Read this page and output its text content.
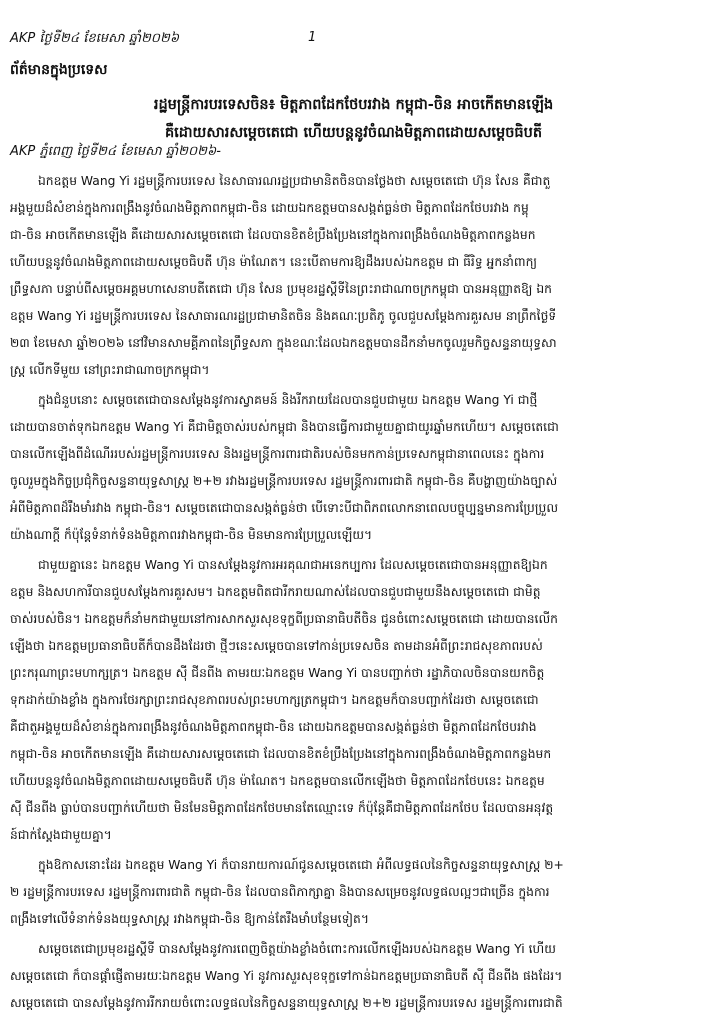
AKP ថ្ងៃទី២៤ ខែមេសា ឆ្នាំ២០២៦	1
ព័ត៌មានក្នុងប្រទេស
រដ្ឋមន្ត្រីការបរទេសចិន៖ មិត្តភាពដែកថែបរវាង កម្ពុជា-ចិន អាចកើតមានឡើង
គឺដោយសារសម្តេចតេជោ ហើយបន្តនូវចំណងមិត្តភាពដោយសម្តេចធិបតី
AKP ភ្នំពេញ ថ្ងៃទី២៤ ខែមេសា ឆ្នាំ២០២៦-
ឯកឧត្តម Wang Yi រដ្ឋមន្ត្រីការបរទេស នៃសាធារណរដ្ឋប្រជាមានិតចិនបានថ្លែងថា សម្តេចតេជោ ហ៊ុន សែន គឺជាតួ
អង្គមួយដ៏សំខាន់ក្នុងការពង្រឹងនូវចំណងមិត្តភាពកម្ពុជា-ចិន ដោយឯកឧត្តមបានសង្កត់ធ្ងន់ថា មិត្តភាពដែកថែបរវាង កម្ពុ
ជា-ចិន អាចកើតមានឡើង គឺដោយសារសម្តេចតេជោ ដែលបានខិតខំប្រឹងប្រែងនៅក្នុងការពង្រឹងចំណងមិត្តភាពកន្លងមក
ហើយបន្តនូវចំណងមិត្តភាពដោយសម្តេចធិបតី ហ៊ុន ម៉ាណែត។ នេះបើតាមការឱ្យដឹងរបស់ឯកឧត្តម ជា ធីរិទ្ធ អ្នកនាំពាក្យ
ព្រឹទ្ធសភា បន្ទាប់ពីសម្តេចអគ្គមហាសេនាបតីតេជោ ហ៊ុន សែន ប្រមុខរដ្ឋស្តីទីនៃព្រះរាជាណាចក្រកម្ពុជា បានអនុញ្ញាតឱ្យ ឯក
ឧត្តម Wang Yi រដ្ឋមន្ត្រីការបរទេស នៃសាធារណរដ្ឋប្រជាមានិតចិន និងគណៈប្រតិភូ ចូលជួបសម្តែងការគួរសម នាព្រឹកថ្ងៃទី
២៣ ខែមេសា ឆ្នាំ២០២៦ នៅវិមានសាមគ្គីភាពនៃព្រឹទ្ធសភា ក្នុងខណៈដែលឯកឧត្តមបានដឹកនាំមកចូលរួមកិច្ចសន្ទនាយុទ្ធសា
ស្ត្រ លើកទីមួយ នៅព្រះរាជាណាចក្រកម្ពុជា។
ក្នុងជំនួបនោះ សម្តេចតេជោបានសម្តែងនូវការស្វាគមន៍ និងរីករាយដែលបានជួបជាមួយ ឯកឧត្តម Wang Yi ជាថ្មី
ដោយបានចាត់ទុកឯកឧត្តម Wang Yi គឺជាមិត្តចាស់របស់កម្ពុជា និងបានធ្វើការជាមួយគ្នាជាយូរឆ្នាំមកហើយ។ សម្តេចតេជោ
បានលើកឡើងពីដំណើររបស់រដ្ឋមន្ត្រីការបរទេស និងរដ្ឋមន្ត្រីការពារជាតិរបស់ចិនមកកាន់ប្រទេសកម្ពុជានាពេលនេះ ក្នុងការ
ចូលរួមក្នុងកិច្ចប្រជុំកិច្ចសន្ទនាយុទ្ធសាស្ត្រ ២+២ រវាងរដ្ឋមន្ត្រីការបរទេស រដ្ឋមន្ត្រីការពារជាតិ កម្ពុជា-ចិន គឺបង្ហាញយ៉ាងច្បាស់
អំពីមិត្តភាពដ៏រឹងមាំរវាង កម្ពុជា-ចិន។ សម្តេចតេជោបានសង្កត់ធ្ងន់ថា បើទោះបីជាពិភពលោកនាពេលបច្ចុប្បន្នមានការប្រែប្រួល
យ៉ាងណាក្តី ក៏ប៉ុន្តែទំនាក់ទំនងមិត្តភាពរវាងកម្ពុជា-ចិន មិនមានការប្រែប្រួលឡើយ។
ជាមួយគ្នានេះ ឯកឧត្តម Wang Yi បានសម្តែងនូវការអរគុណជាអនេកប្បការ ដែលសម្តេចតេជោបានអនុញ្ញាតឱ្យឯក
ឧត្តម និងសហការីបានជួបសម្តែងការគួរសម។ ឯកឧត្តមពិតជារីករាយណាស់ដែលបានជួបជាមួយនឹងសម្តេចតេជោ ជាមិត្ត
ចាស់របស់ចិន។ ឯកឧត្តមក៏នាំមកជាមួយនៅការសាកសួរសុខទុក្ខពីប្រធានាធិបតីចិន ជូនចំពោះសម្តេចតេជោ ដោយបានលើក
ឡើងថា ឯកឧត្តមប្រធានាធិបតីក៏បានដឹងដែរថា ថ្មីៗនេះសម្តេចបានទៅកាន់ប្រទេសចិន តាមដានអំពីព្រះរាជសុខភាពរបស់
ព្រះករុណាព្រះមហាក្សត្រ។ ឯកឧត្តម ស៊ី ជីនពីង តាមរយៈឯកឧត្តម Wang Yi បានបញ្ជាក់ថា រដ្ឋាភិបាលចិនបានយកចិត្ត
ទុកដាក់យ៉ាងខ្លាំង ក្នុងការថែរក្សាព្រះរាជសុខភាពរបស់ព្រះមហាក្សត្រកម្ពុជា។ ឯកឧត្តមក៏បានបញ្ជាក់ដែរថា សម្តេចតេជោ
គឺជាតួអង្គមួយដ៏សំខាន់ក្នុងការពង្រឹងនូវចំណងមិត្តភាពកម្ពុជា-ចិន ដោយឯកឧត្តមបានសង្កត់ធ្ងន់ថា មិត្តភាពដែកថែបរវាង
កម្ពុជា-ចិន អាចកើតមានឡើង គឺដោយសារសម្តេចតេជោ ដែលបានខិតខំប្រឹងប្រែងនៅក្នុងការពង្រឹងចំណងមិត្តភាពកន្លងមក
ហើយបន្តនូវចំណងមិត្តភាពដោយសម្តេចធិបតី ហ៊ុន ម៉ាណែត។ ឯកឧត្តមបានលើកឡើងថា មិត្តភាពដែកថែបនេះ ឯកឧត្តម
ស៊ី ជីនពីង ធ្លាប់បានបញ្ជាក់ហើយថា មិនមែនមិត្តភាពដែកថែបមានតែឈ្មោះទេ ក៏ប៉ុន្តែគឺជាមិត្តភាពដែកថែប ដែលបានអនុវត្ត
ន៍ជាក់ស្តែងជាមួយគ្នា។
ក្នុងឱកាសនោះដែរ ឯកឧត្តម Wang Yi ក៏បានរាយការណ៍ជូនសម្តេចតេជោ អំពីលទ្ធផលនៃកិច្ចសន្ទនាយុទ្ធសាស្ត្រ ២+
២ រដ្ឋមន្ត្រីការបរទេស រដ្ឋមន្ត្រីការពារជាតិ កម្ពុជា-ចិន ដែលបានពិភាក្សាគ្នា និងបានសម្រេចនូវលទ្ធផលល្អៗជាច្រើន ក្នុងការ
ពង្រឹងទៅលើទំនាក់ទំនងយុទ្ធសាស្ត្រ រវាងកម្ពុជា-ចិន ឱ្យកាន់តែរឹងមាំបន្ថែមទៀត។
សម្តេចតេជោប្រមុខរដ្ឋស្តីទី បានសម្តែងនូវការពេញចិត្តយ៉ាងខ្លាំងចំពោះការលើកឡើងរបស់ឯកឧត្តម Wang Yi ហើយ
សម្តេចតេជោ ក៏បានផ្តាំផ្ញើតាមរយៈឯកឧត្តម Wang Yi នូវការសួរសុខទុក្ខទៅកាន់ឯកឧត្តមប្រធានាធិបតី ស៊ី ជីនពីង ផងដែរ។
សម្តេចតេជោ បានសម្តែងនូវការរីករាយចំពោះលទ្ធផលនៃកិច្ចសន្ទនាយុទ្ធសាស្ត្រ ២+២ រដ្ឋមន្ត្រីការបរទេស រដ្ឋមន្ត្រីការពារជាតិ
